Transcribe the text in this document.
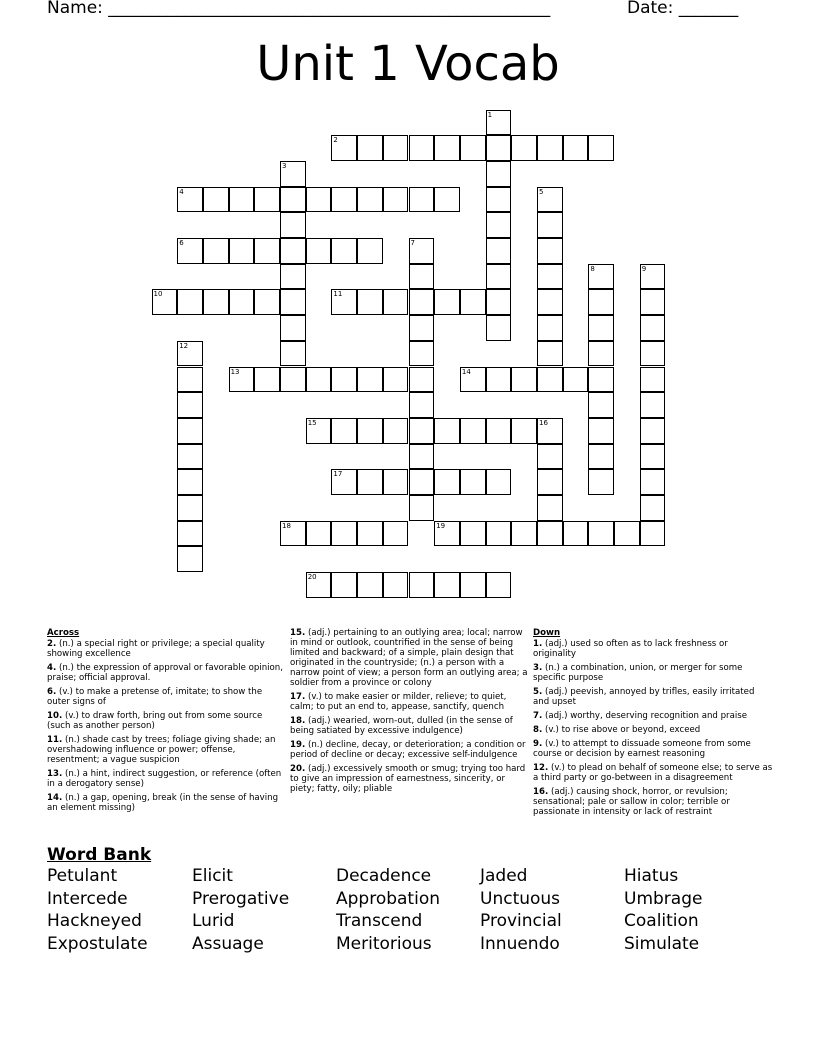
Name: ____________________________________________________	Date: _______
Unit 1 Vocab
1
2
3
4	5
6	7
8	9
10	11
12
13	14
15	16
17
18	19
20
Across
2. (n.) a special right or privilege; a special quality showing excellence
4. (n.) the expression of approval or favorable opinion, praise; official approval.
6. (v.) to make a pretense of, imitate; to show the outer signs of
10. (v.) to draw forth, bring out from some source (such as another person)
11. (n.) shade cast by trees; foliage giving shade; an overshadowing influence or power; offense, resentment; a vague suspicion
13. (n.) a hint, indirect suggestion, or reference (often in a derogatory sense)
14. (n.) a gap, opening, break (in the sense of having an element missing)
15. (adj.) pertaining to an outlying area; local; narrow in mind or outlook, countrified in the sense of being limited and backward; of a simple, plain design that originated in the countryside; (n.) a person with a narrow point of view; a person form an outlying area; a soldier from a province or colony
17. (v.) to make easier or milder, relieve; to quiet, calm; to put an end to, appease, sanctify, quench
18. (adj.) wearied, worn-out, dulled (in the sense of being satiated by excessive indulgence)
19. (n.) decline, decay, or deterioration; a condition or period of decline or decay; excessive self-indulgence
20. (adj.) excessively smooth or smug; trying too hard to give an impression of earnestness, sincerity, or piety; fatty, oily; pliable
Down
1. (adj.) used so often as to lack freshness or originality
3. (n.) a combination, union, or merger for some specific purpose
5. (adj.) peevish, annoyed by trifles, easily irritated and upset
7. (adj.) worthy, deserving recognition and praise
8. (v.) to rise above or beyond, exceed
9. (v.) to attempt to dissuade someone from some course or decision by earnest reasoning
12. (v.) to plead on behalf of someone else; to serve as a third party or go-between in a disagreement
16. (adj.) causing shock, horror, or revulsion; sensational; pale or sallow in color; terrible or passionate in intensity or lack of restraint
Word Bank
Petulant	Elicit	Decadence	Jaded	Hiatus
Intercede	Prerogative	Approbation Unctuous	Umbrage
Hackneyed	Lurid	Transcend	Provincial	Coalition
Expostulate	Assuage	Meritorious	Innuendo	Simulate
